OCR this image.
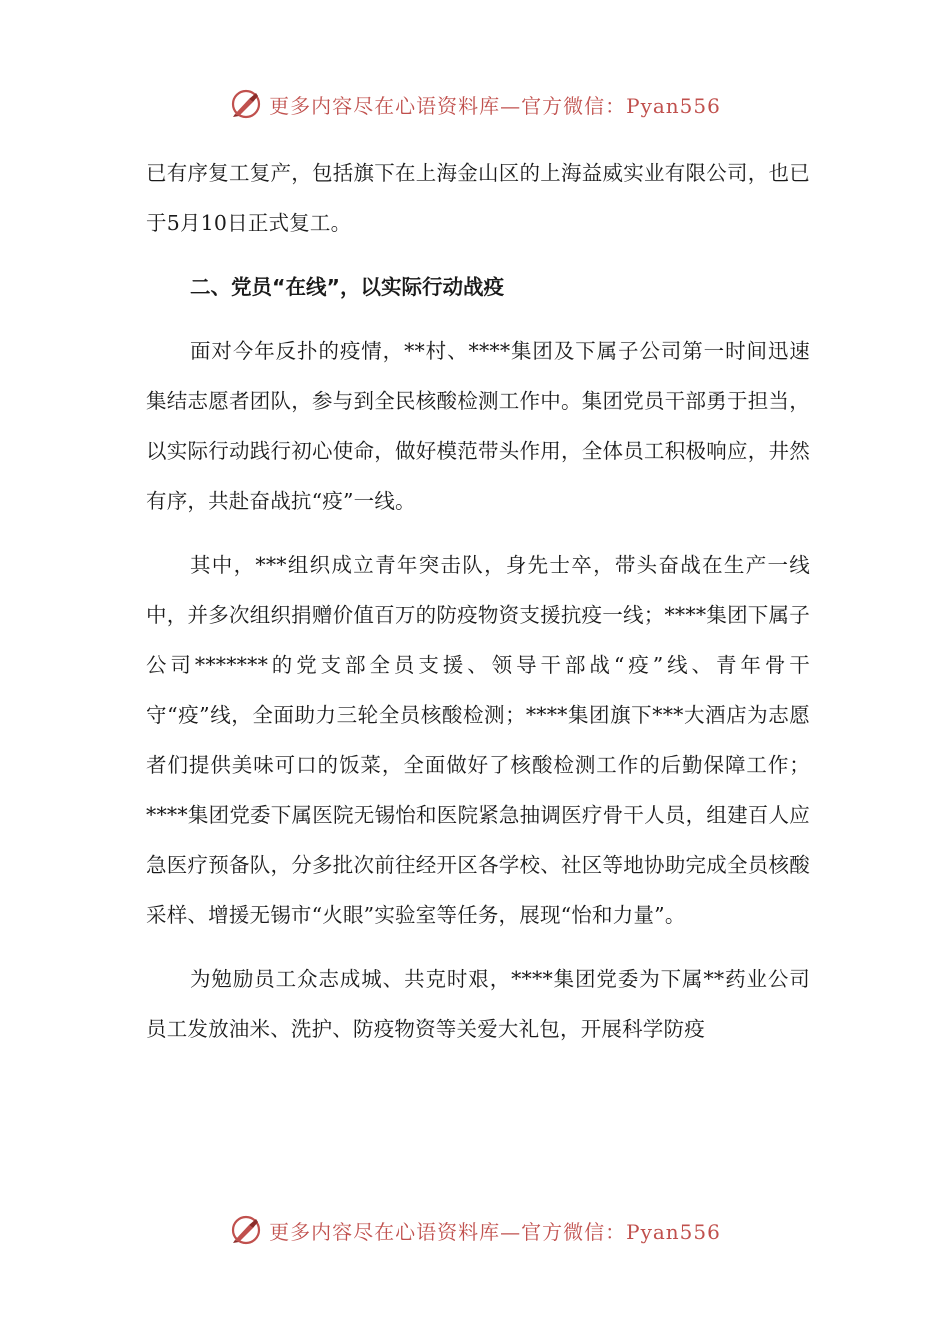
更多内容尽在心语资料库—官方微信：Pyan556

已有序复工复产，包括旗下在上海金山区的上海益威实业有限公司，也已于5月10日正式复工。

二、党员“在线”，以实际行动战疫

面对今年反扑的疫情，**村、****集团及下属子公司第一时间迅速集结志愿者团队，参与到全民核酸检测工作中。集团党员干部勇于担当，以实际行动践行初心使命，做好模范带头作用，全体员工积极响应，井然有序，共赴奋战抗“疫”一线。

其中，***组织成立青年突击队，身先士卒，带头奋战在生产一线中，并多次组织捐赠价值百万的防疫物资支援抗疫一线；****集团下属子公司*******的党支部全员支援、领导干部战“疫”线、青年骨干守“疫”线，全面助力三轮全员核酸检测；****集团旗下***大酒店为志愿者们提供美味可口的饭菜，全面做好了核酸检测工作的后勤保障工作；****集团党委下属医院无锡怡和医院紧急抽调医疗骨干人员，组建百人应急医疗预备队，分多批次前往经开区各学校、社区等地协助完成全员核酸采样、增援无锡市“火眼”实验室等任务，展现“怡和力量”。

为勉励员工众志成城、共克时艰，****集团党委为下属**药业公司员工发放油米、洗护、防疫物资等关爱大礼包，开展科学防疫

更多内容尽在心语资料库—官方微信：Pyan556
